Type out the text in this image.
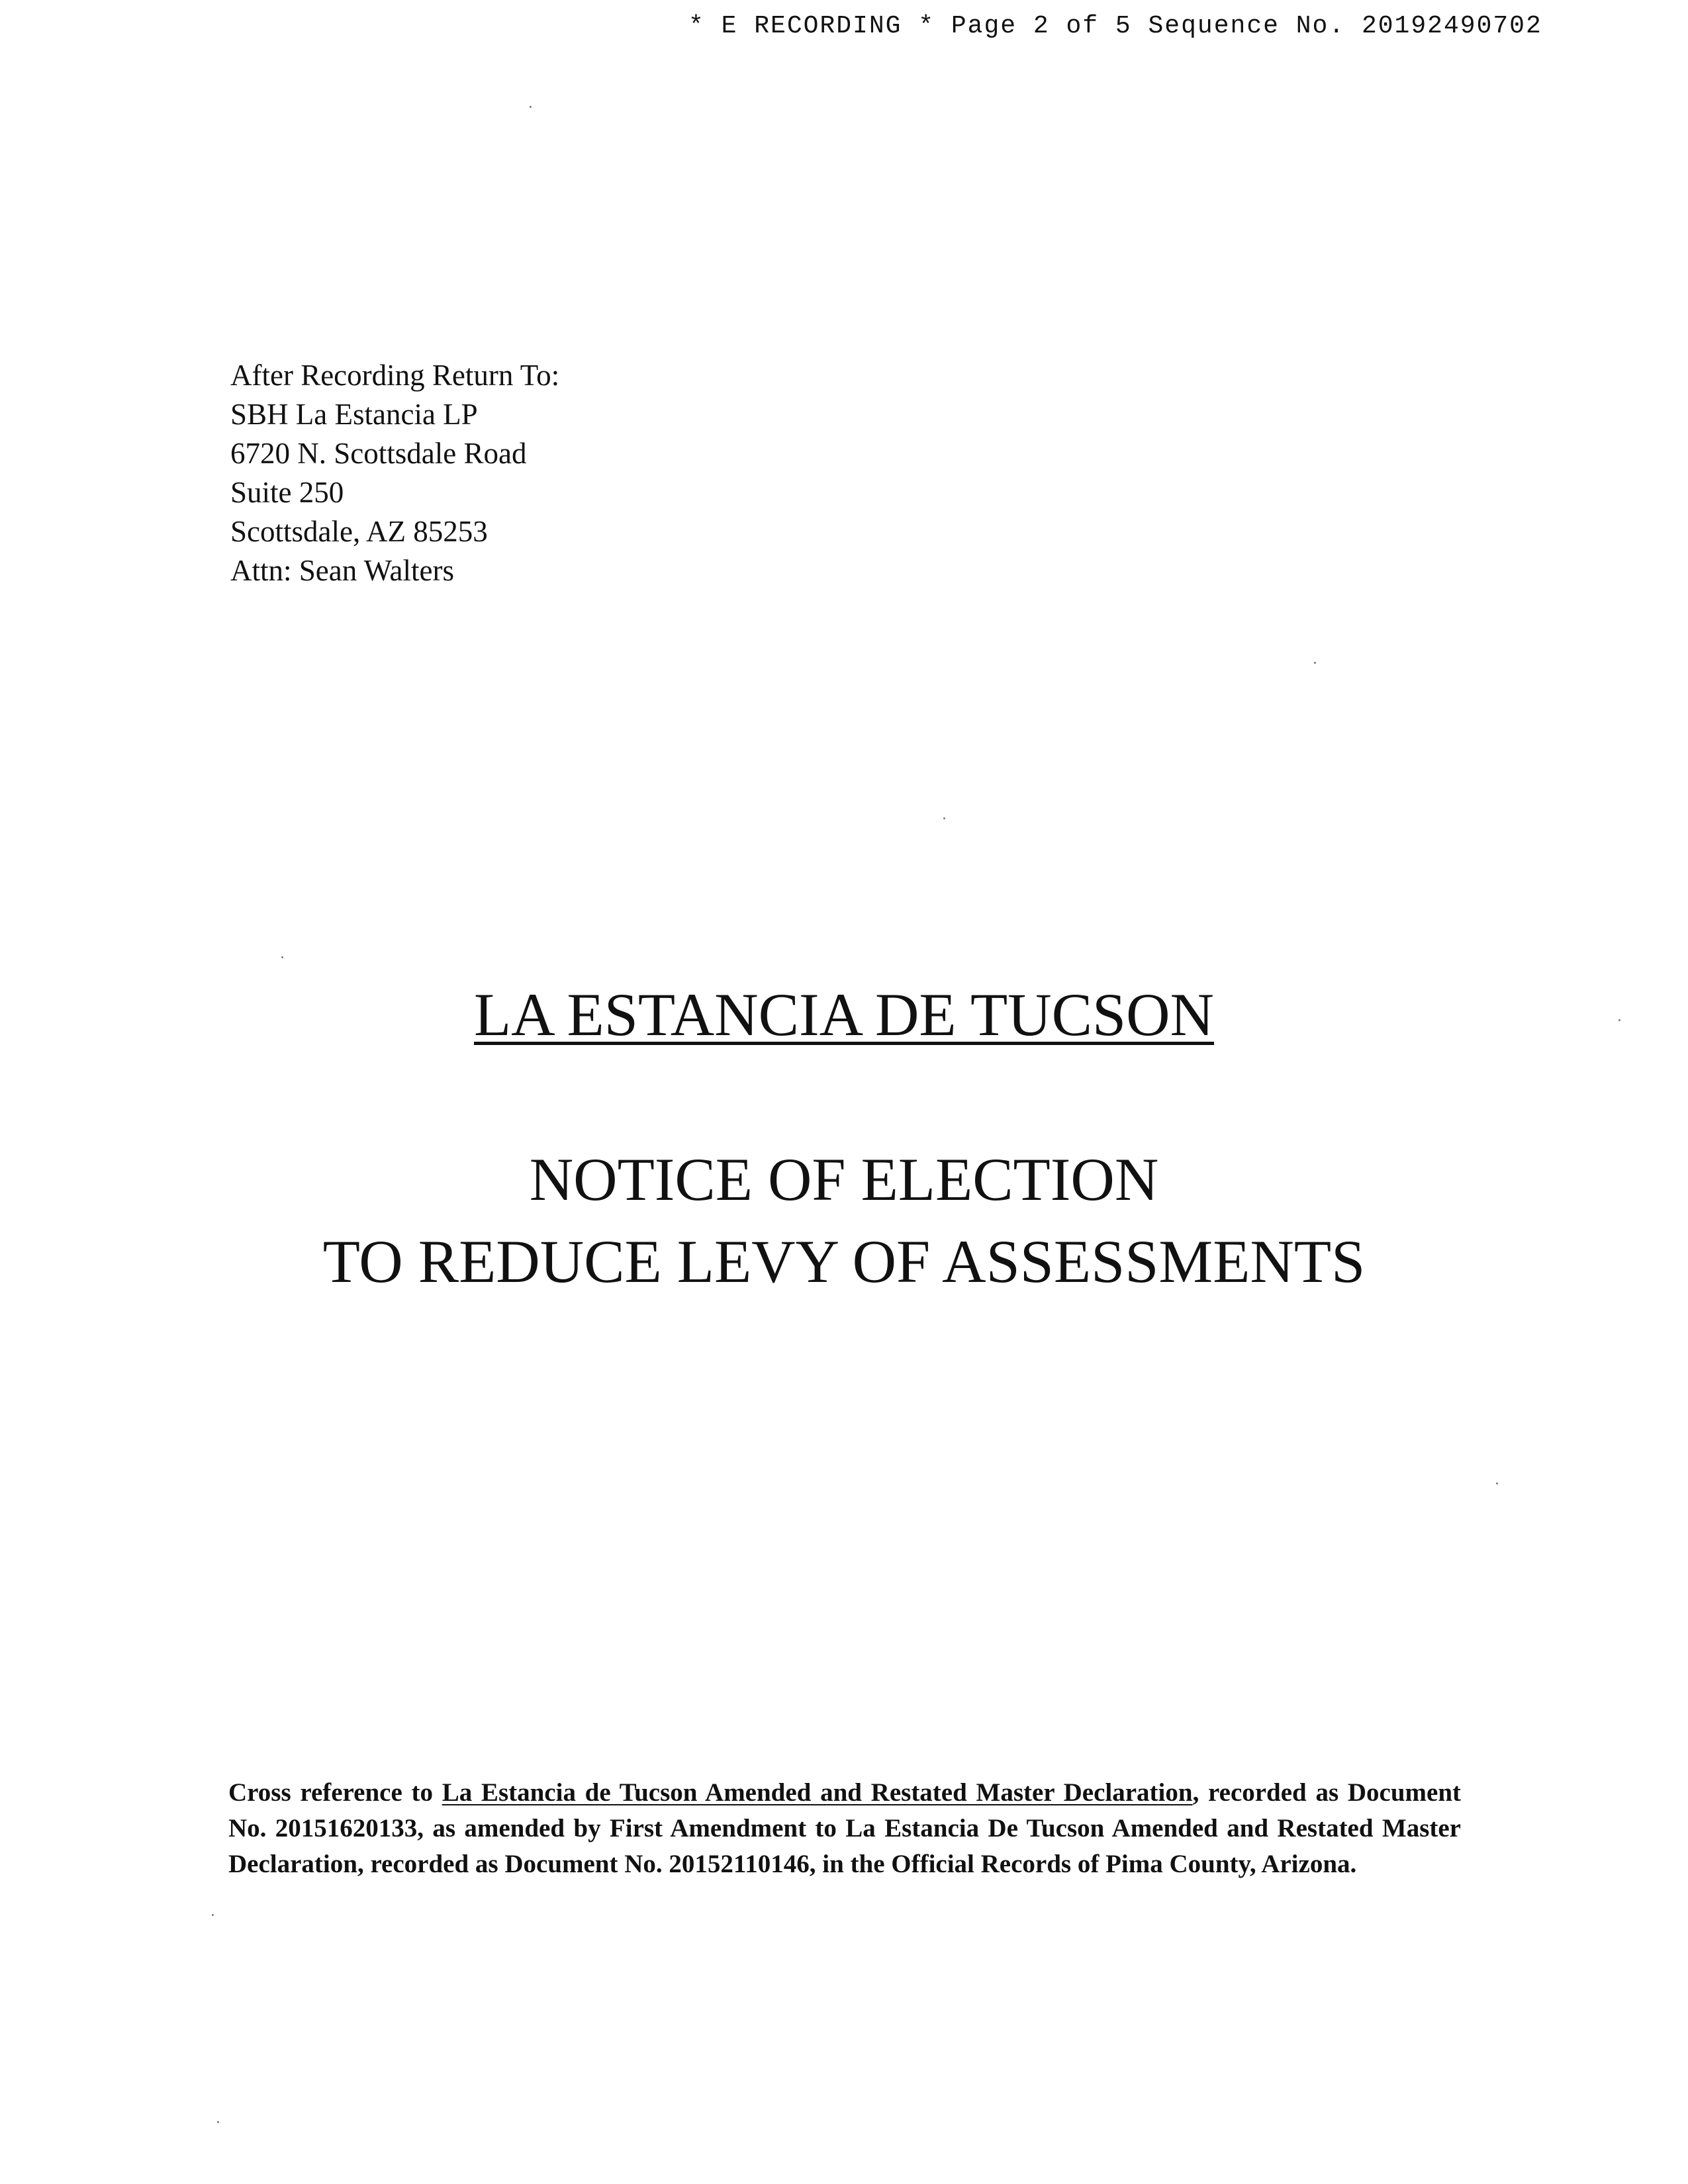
* E RECORDING * Page 2 of 5 Sequence No. 20192490702
After Recording Return To:
SBH La Estancia LP
6720 N. Scottsdale Road
Suite 250
Scottsdale, AZ 85253
Attn: Sean Walters
LA ESTANCIA DE TUCSON
NOTICE OF ELECTION
TO REDUCE LEVY OF ASSESSMENTS
Cross reference to La Estancia de Tucson Amended and Restated Master Declaration, recorded as Document No. 20151620133, as amended by First Amendment to La Estancia De Tucson Amended and Restated Master Declaration, recorded as Document No. 20152110146, in the Official Records of Pima County, Arizona.
